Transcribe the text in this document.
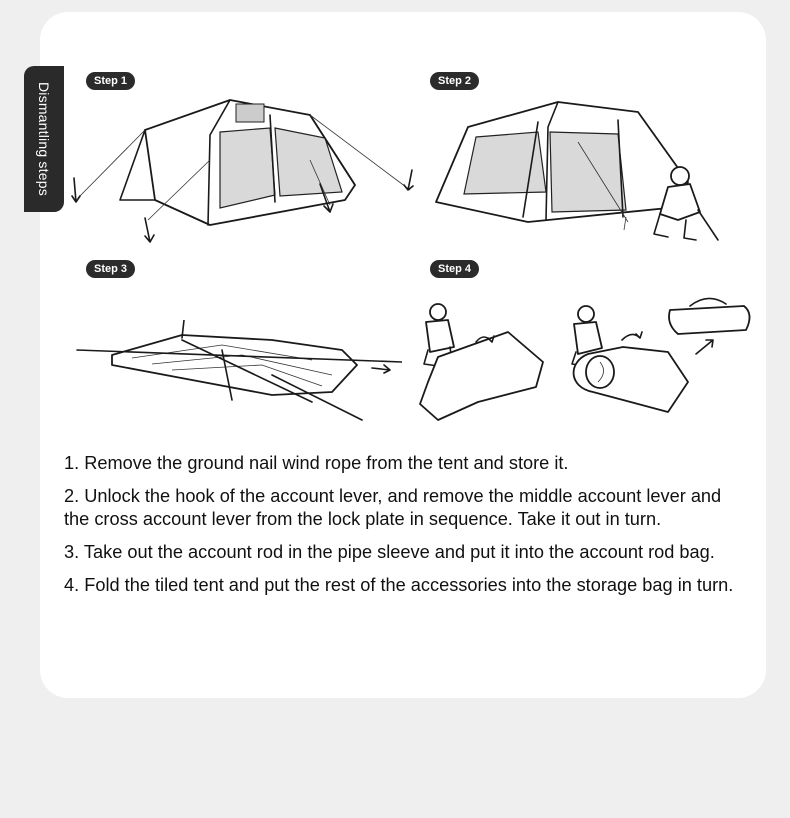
Dismantling steps
Step 1	Step 2
Step 3	Step 4

1. Remove the ground nail wind rope from the tent and store it.

2. Unlock the hook of the account lever, and remove the middle account lever and the cross account lever from the lock plate in sequence. Take it out in turn.

3. Take out the account rod in the pipe sleeve and put it into the account rod bag.

4. Fold the tiled tent and put the rest of the accessories into the storage bag in turn.
